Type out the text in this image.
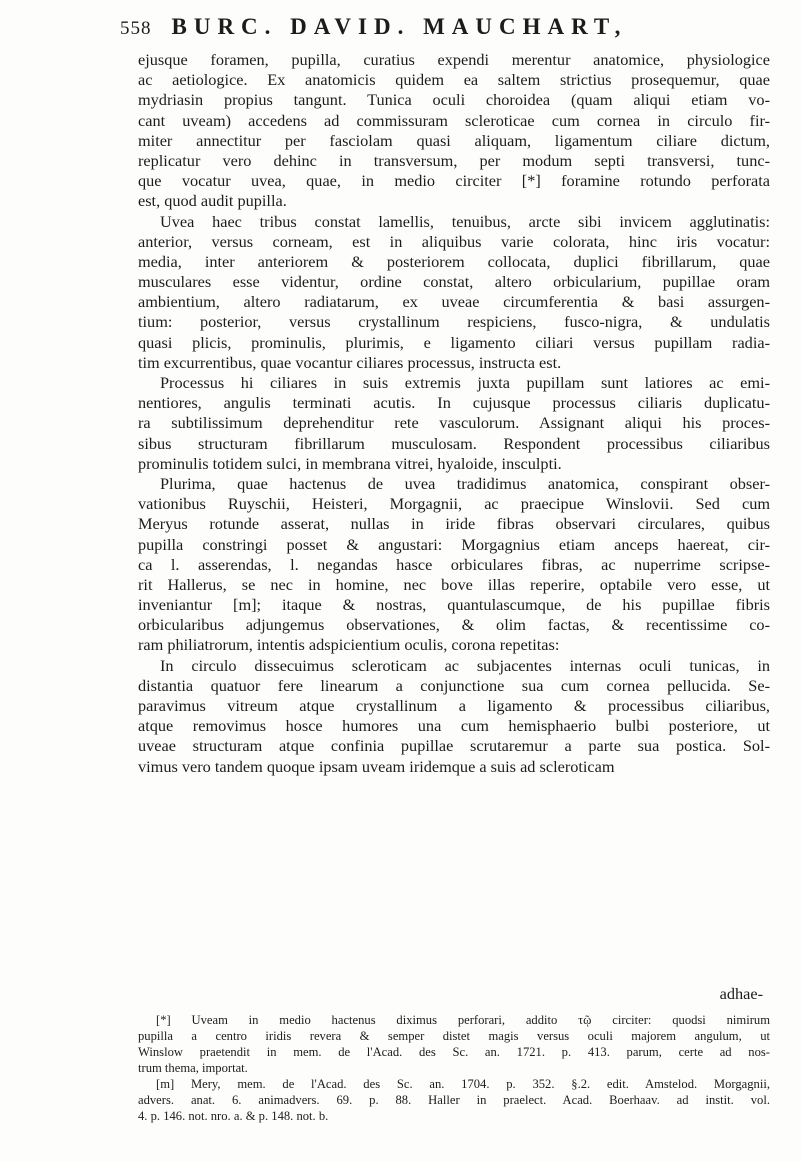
558 BURC. DAVID. MAUCHART,
ejusque foramen, pupilla, curatius expendi merentur anatomice, physiologice
ac aetiologice. Ex anatomicis quidem ea saltem strictius prosequemur, quae
mydriasin propius tangunt. Tunica oculi choroidea (quam aliqui etiam vo-
cant uveam) accedens ad commissuram scleroticae cum cornea in circulo fir-
miter annectitur per fasciolam quasi aliquam, ligamentum ciliare dictum,
replicatur vero dehinc in transversum, per modum septi transversi, tunc-
que vocatur uvea, quae, in medio circiter [*] foramine rotundo perforata
est, quod audit pupilla.
Uvea haec tribus constat lamellis, tenuibus, arcte sibi invicem agglutinatis:
anterior, versus corneam, est in aliquibus varie colorata, hinc iris vocatur:
media, inter anteriorem & posteriorem collocata, duplici fibrillarum, quae
musculares esse videntur, ordine constat, altero orbicularium, pupillae oram
ambientium, altero radiatarum, ex uveae circumferentia & basi assurgen-
tium: posterior, versus crystallinum respiciens, fusco-nigra, & undulatis
quasi plicis, prominulis, plurimis, e ligamento ciliari versus pupillam radia-
tim excurrentibus, quae vocantur ciliares processus, instructa est.
Processus hi ciliares in suis extremis juxta pupillam sunt latiores ac emi-
nentiores, angulis terminati acutis. In cujusque processus ciliaris duplicatu-
ra subtilissimum deprehenditur rete vasculorum. Assignant aliqui his proces-
sibus structuram fibrillarum musculosam. Respondent processibus ciliaribus
prominulis totidem sulci, in membrana vitrei, hyaloide, insculpti.
Plurima, quae hactenus de uvea tradidimus anatomica, conspirant obser-
vationibus Ruyschii, Heisteri, Morgagnii, ac praecipue Winslovii. Sed cum
Meryus rotunde asserat, nullas in iride fibras observari circulares, quibus
pupilla constringi posset & angustari: Morgagnius etiam anceps haereat, cir-
ca l. asserendas, l. negandas hasce orbiculares fibras, ac nuperrime scripse-
rit Hallerus, se nec in homine, nec bove illas reperire, optabile vero esse, ut
inveniantur [m]; itaque & nostras, quantulascumque, de his pupillae fibris
orbicularibus adjungemus observationes, & olim factas, & recentissime co-
ram philiatrorum, intentis adspicientium oculis, corona repetitas:
In circulo dissecuimus scleroticam ac subjacentes internas oculi tunicas, in
distantia quatuor fere linearum a conjunctione sua cum cornea pellucida. Se-
paravimus vitreum atque crystallinum a ligamento & processibus ciliaribus,
atque removimus hosce humores una cum hemisphaerio bulbi posteriore, ut
uveae structuram atque confinia pupillae scrutaremur a parte sua postica. Sol-
vimus vero tandem quoque ipsam uveam iridemque a suis ad scleroticam
adhae-
[*] Uveam in medio hactenus diximus perforari, addito τῷ circiter: quodsi nimirum
pupilla a centro iridis revera & semper distet magis versus oculi majorem angulum, ut
Winslow praetendit in mem. de l'Acad. des Sc. an. 1721. p. 413. parum, certe ad nos-
trum thema, importat.
[m] Mery, mem. de l'Acad. des Sc. an. 1704. p. 352. §.2. edit. Amstelod. Morgagnii,
advers. anat. 6. animadvers. 69. p. 88. Haller in praelect. Acad. Boerhaav. ad instit. vol.
4. p. 146. not. nro. a. & p. 148. not. b.
